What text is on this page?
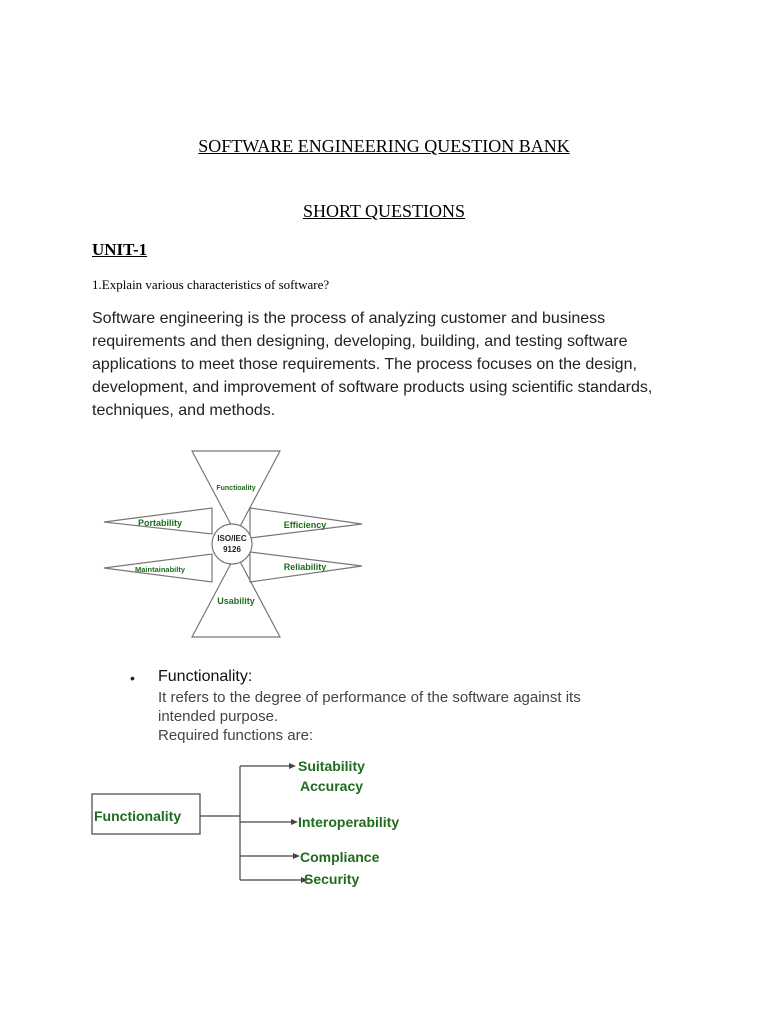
SOFTWARE ENGINEERING QUESTION BANK
SHORT QUESTIONS
UNIT-1
1.Explain various characteristics of software?
Software engineering is the process of analyzing customer and business
requirements and then designing, developing, building, and testing software
applications to meet those requirements. The process focuses on the design,
development, and improvement of software products using scientific standards,
techniques, and methods.
ISO/IEC
9126
Functioality
Usability
Portability
Maintainabilty
Efficiency
Reliability
• Functionality:
It refers to the degree of performance of the software against its
intended purpose.
Required functions are:
Functionality
Suitability
Accuracy
Interoperability
Compliance
Security
